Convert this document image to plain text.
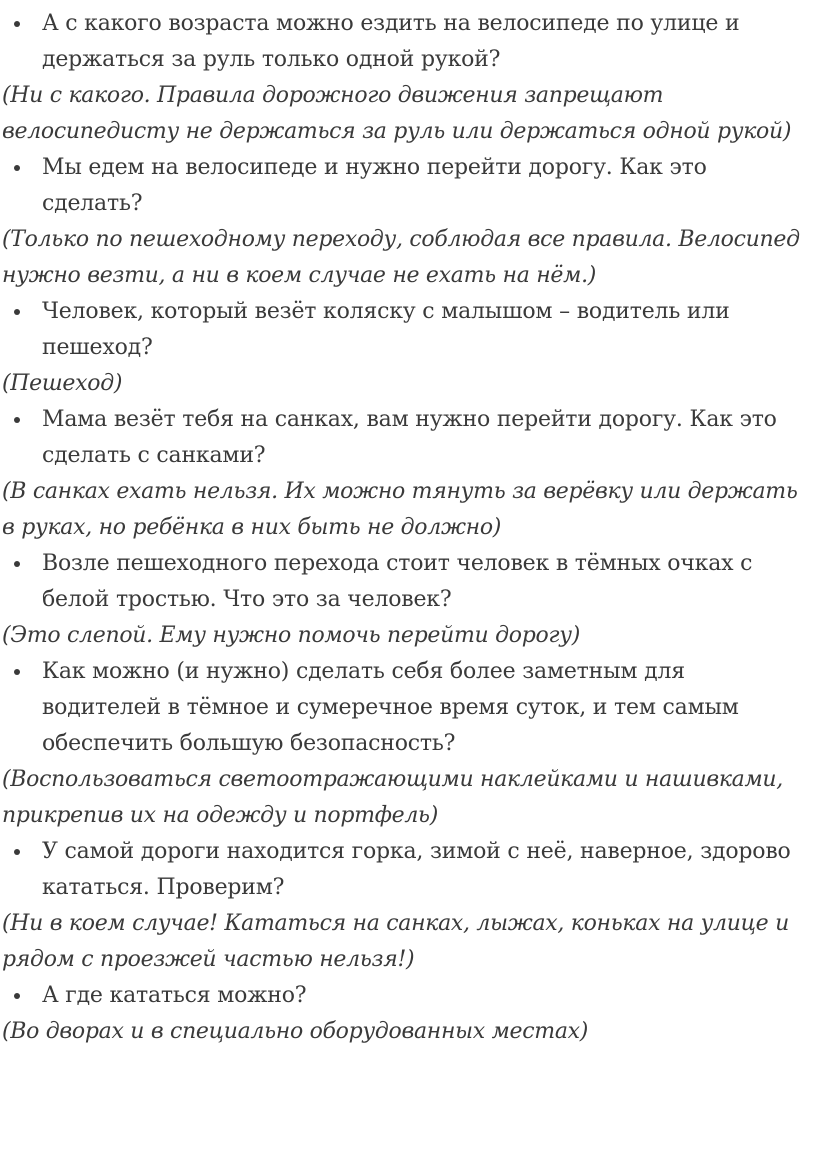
А с какого возраста можно ездить на велосипеде по улице и держаться за руль только одной рукой?
(Ни с какого. Правила дорожного движения запрещают велосипедисту не держаться за руль или держаться одной рукой)
Мы едем на велосипеде и нужно перейти дорогу. Как это сделать?
(Только по пешеходному переходу, соблюдая все правила. Велосипед нужно везти, а ни в коем случае не ехать на нём.)
Человек, который везёт коляску с малышом – водитель или пешеход?
(Пешеход)
Мама везёт тебя на санках, вам нужно перейти дорогу. Как это сделать с санками?
(В санках ехать нельзя. Их можно тянуть за верёвку или держать в руках, но ребёнка в них быть не должно)
Возле пешеходного перехода стоит человек в тёмных очках с белой тростью. Что это за человек?
(Это слепой. Ему нужно помочь перейти дорогу)
Как можно (и нужно) сделать себя более заметным для водителей в тёмное и сумеречное время суток, и тем самым обеспечить большую безопасность?
(Воспользоваться светоотражающими наклейками и нашивками, прикрепив их на одежду и портфель)
У самой дороги находится горка, зимой с неё, наверное, здорово кататься. Проверим?
(Ни в коем случае! Кататься на санках, лыжах, коньках на улице и рядом с проезжей частью нельзя!)
А где кататься можно?
(Во дворах и в специально оборудованных местах)
